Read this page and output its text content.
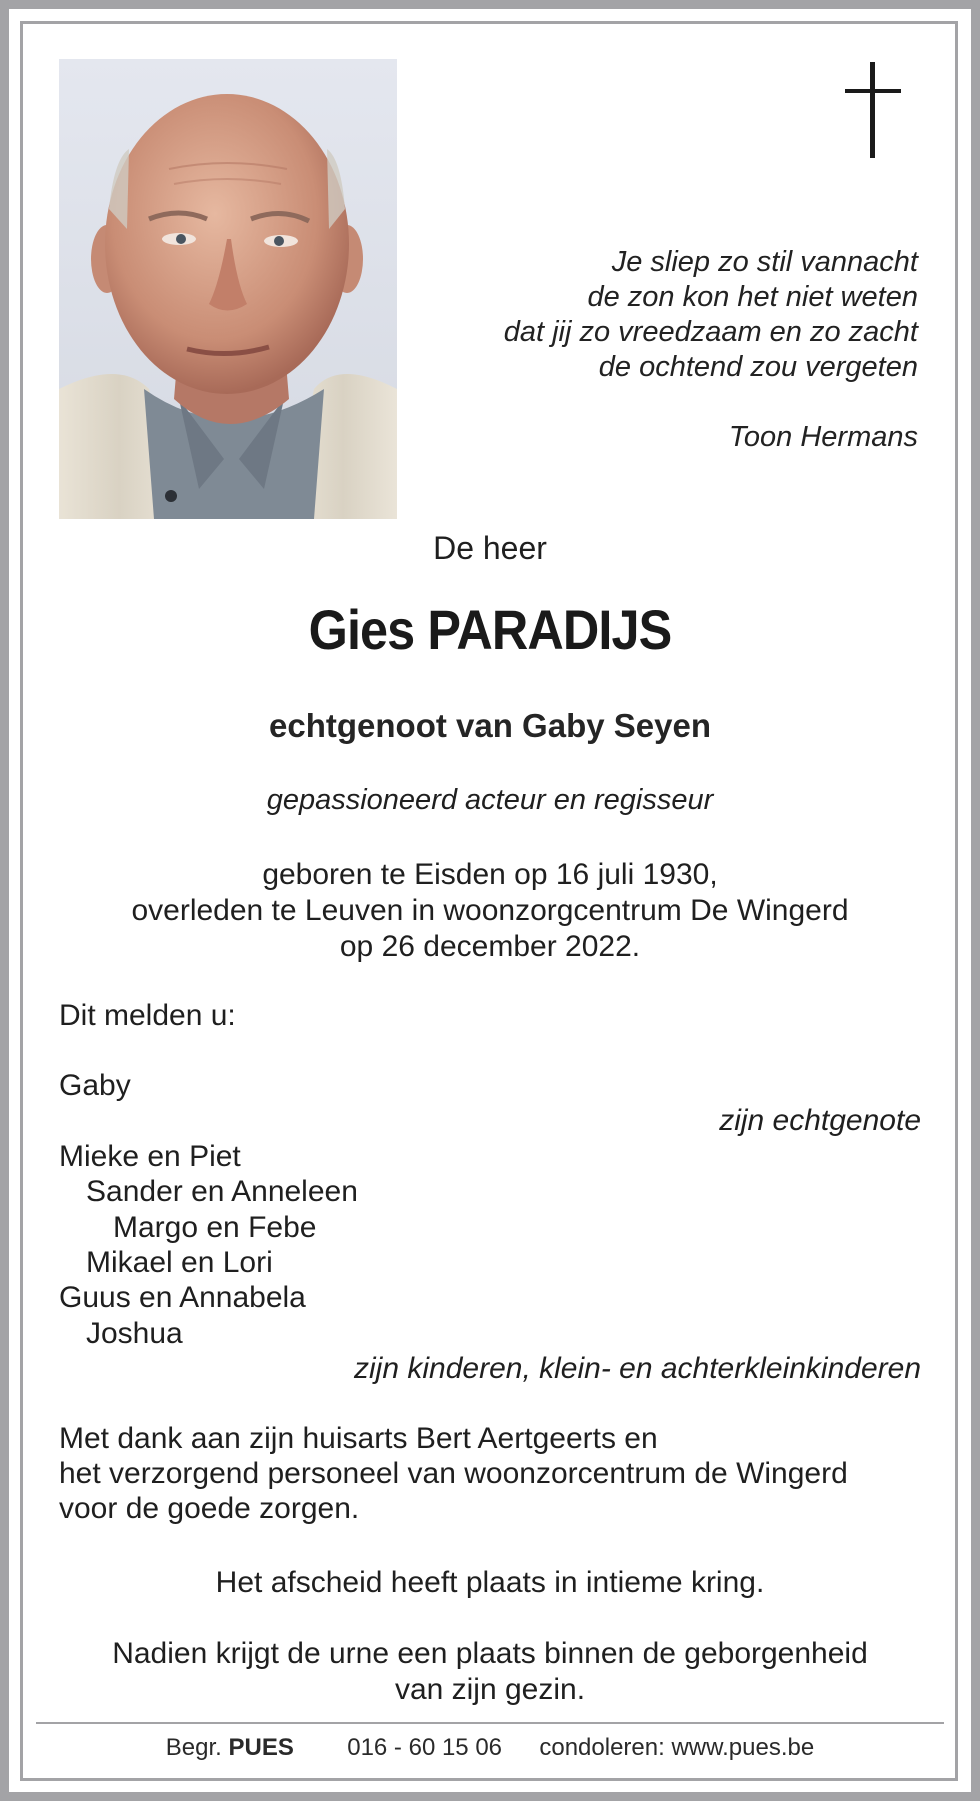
Je sliep zo stil vannacht
de zon kon het niet weten
dat jij zo vreedzaam en zo zacht
de ochtend zou vergeten
Toon Hermans
De heer
Gies PARADIJS
echtgenoot van Gaby Seyen
gepassioneerd acteur en regisseur
geboren te Eisden op 16 juli 1930,
overleden te Leuven in woonzorgcentrum De Wingerd
op 26 december 2022.
Dit melden u:
Gaby
zijn echtgenote
Mieke en Piet
Sander en Anneleen
Margo en Febe
Mikael en Lori
Guus en Annabela
Joshua
zijn kinderen, klein- en achterkleinkinderen
Met dank aan zijn huisarts Bert Aertgeerts en
het verzorgend personeel van woonzorcentrum de Wingerd
voor de goede zorgen.
Het afscheid heeft plaats in intieme kring.
Nadien krijgt de urne een plaats binnen de geborgenheid
van zijn gezin.
Begr. PUES 016 - 60 15 06 condoleren: www.pues.be
